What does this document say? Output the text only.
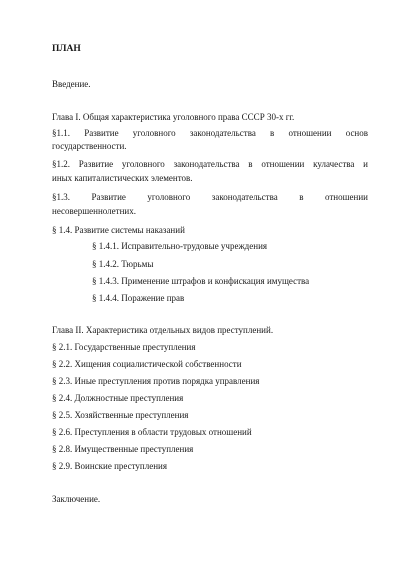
ПЛАН
Введение.
Глава I. Общая характеристика уголовного права СССР 30-х гг.
§1.1. Развитие уголовного законодательства в отношении основ
государственности.
§1.2. Развитие уголовного законодательства в отношении кулачества и
иных капиталистических элементов.
§1.3. Развитие уголовного законодательства в отношении
несовершеннолетних.
§ 1.4. Развитие системы наказаний
§ 1.4.1. Исправительно-трудовые учреждения
§ 1.4.2. Тюрьмы
§ 1.4.3. Применение штрафов и конфискация имущества
§ 1.4.4. Поражение прав
Глава II. Характеристика отдельных видов преступлений.
§ 2.1. Государственные преступления
§ 2.2. Хищения социалистической собственности
§ 2.3. Иные преступления против порядка управления
§ 2.4. Должностные преступления
§ 2.5. Хозяйственные преступления
§ 2.6. Преступления в области трудовых отношений
§ 2.8. Имущественные преступления
§ 2.9. Воинские преступления
Заключение.
